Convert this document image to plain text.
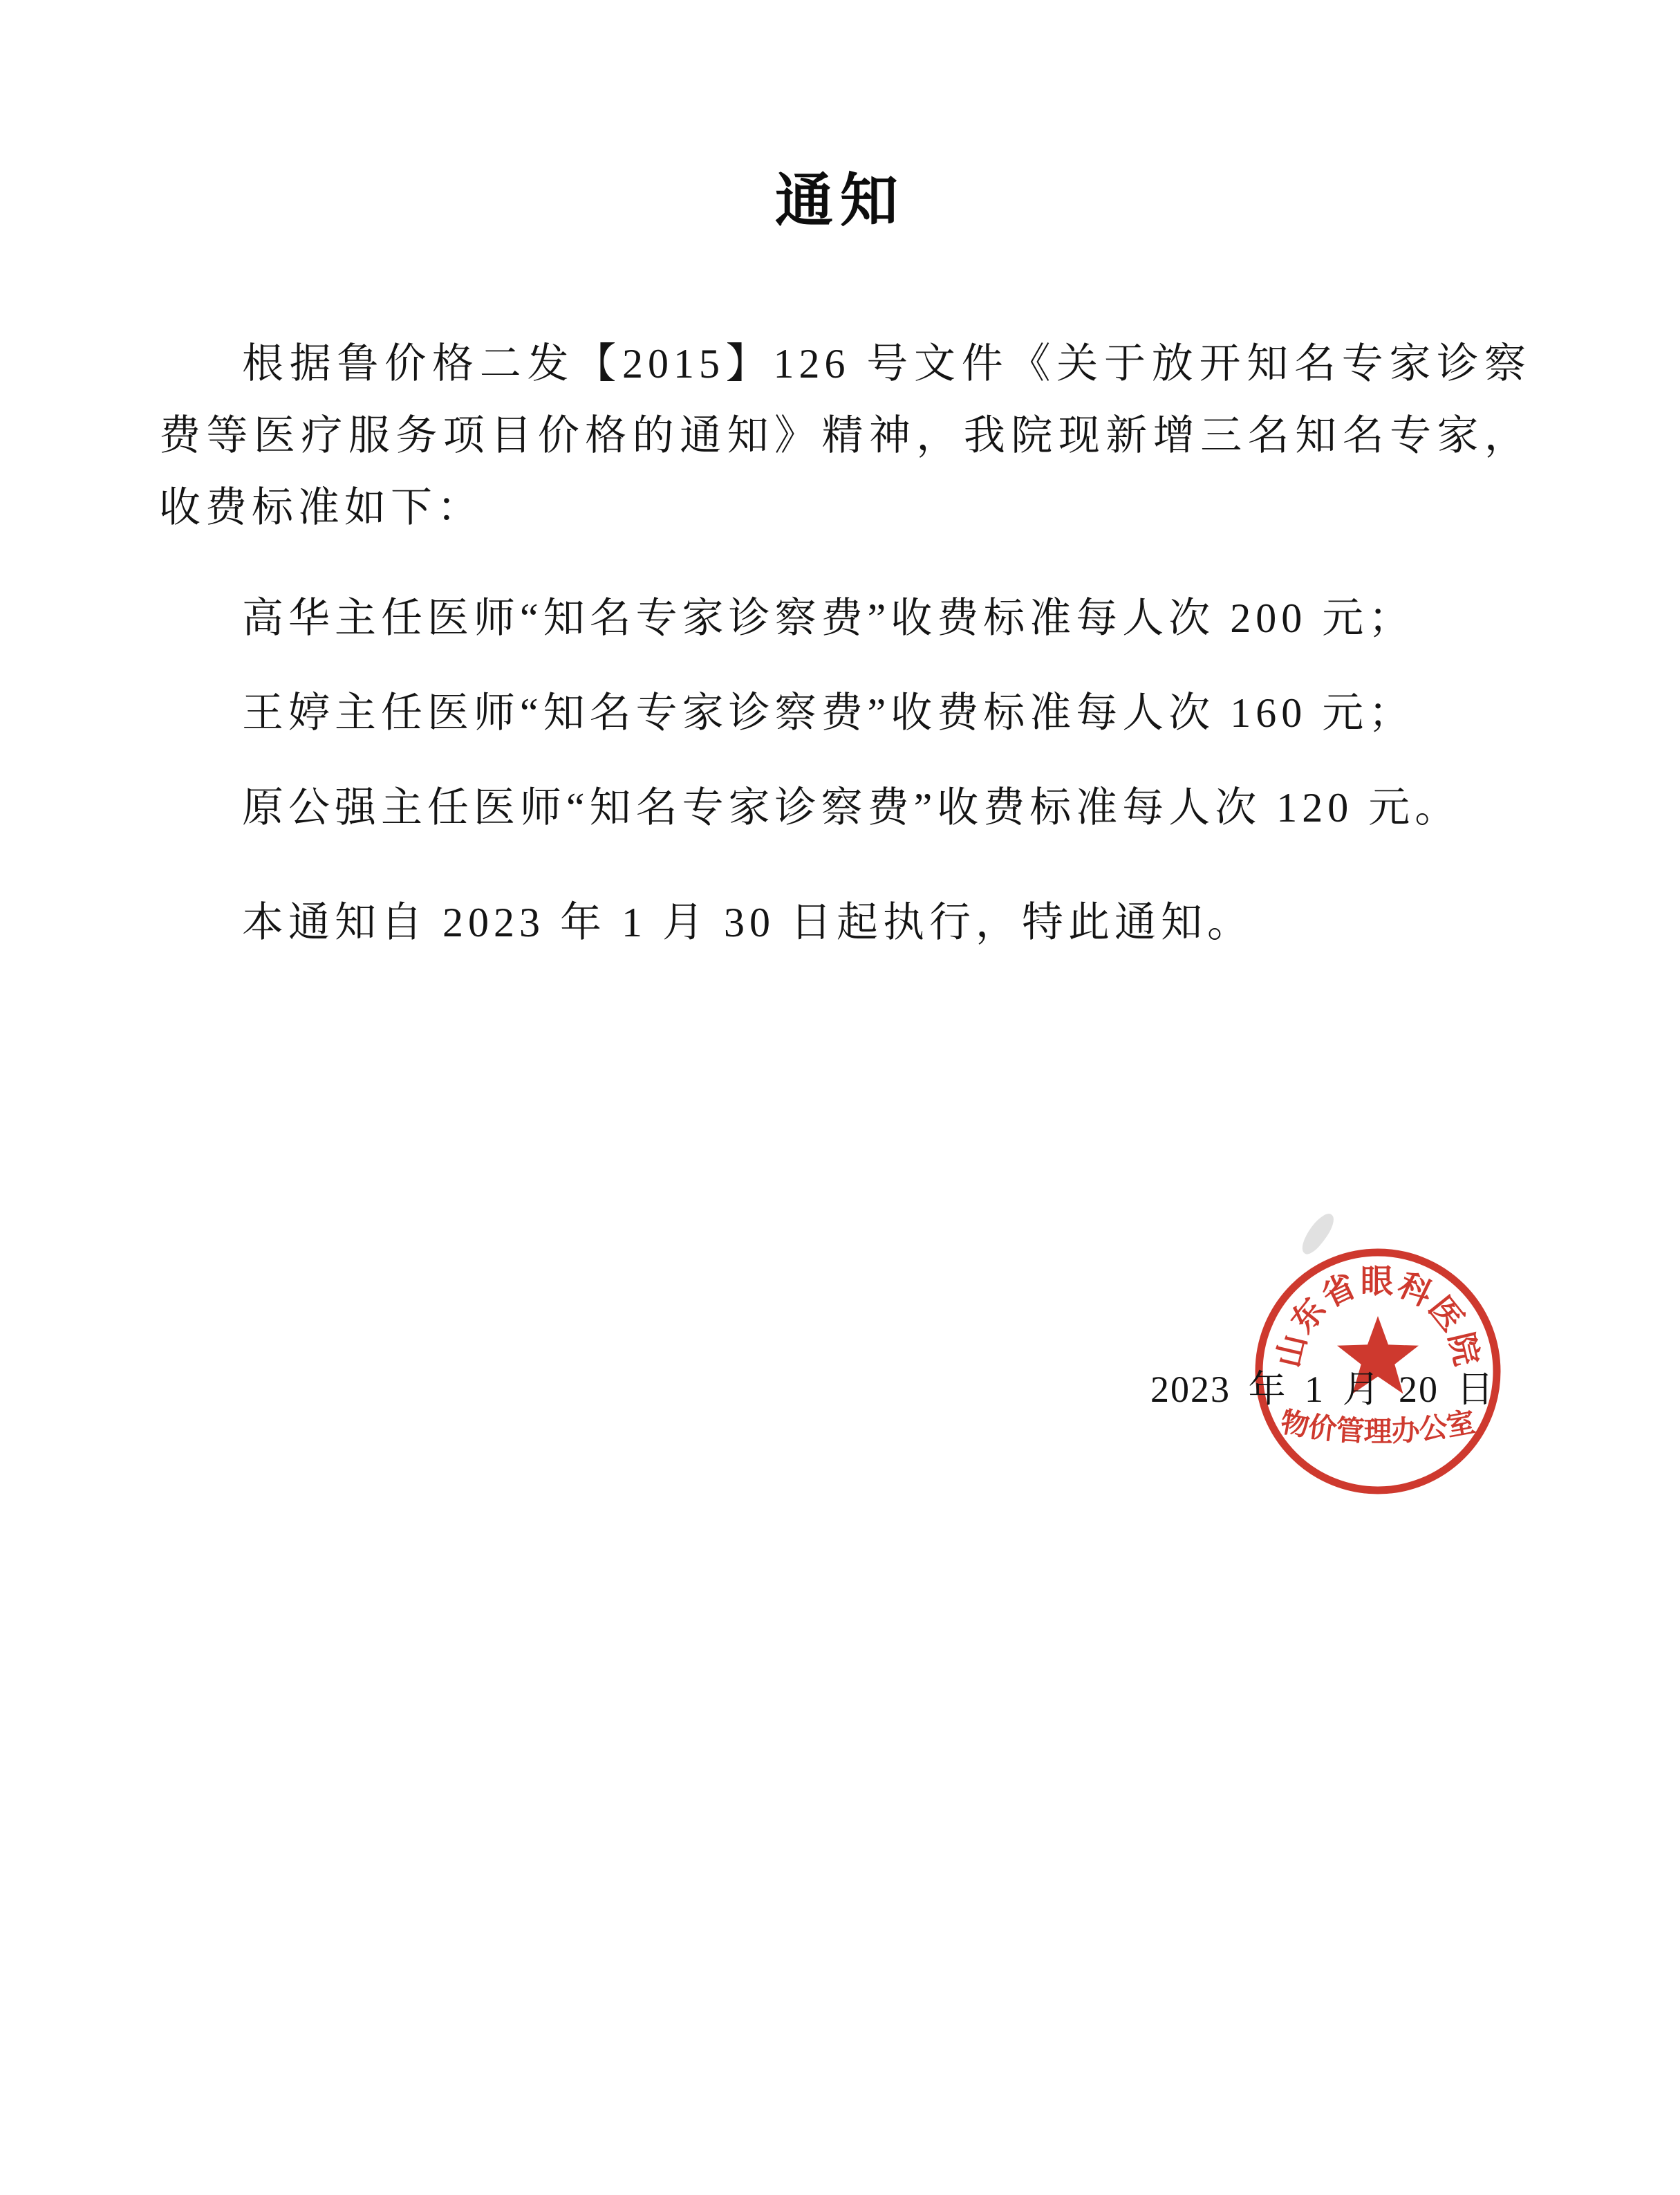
通知

根据鲁价格二发【2015】126 号文件《关于放开知名专家诊察费等医疗服务项目价格的通知》精神，我院现新增三名知名专家，收费标准如下：

高华主任医师“知名专家诊察费”收费标准每人次 200 元；

王婷主任医师“知名专家诊察费”收费标准每人次 160 元；

原公强主任医师“知名专家诊察费”收费标准每人次 120 元。

本通知自 2023 年 1 月 30 日起执行，特此通知。

山东省眼科医院
物价管理办公室
2023 年 1 月 20 日
